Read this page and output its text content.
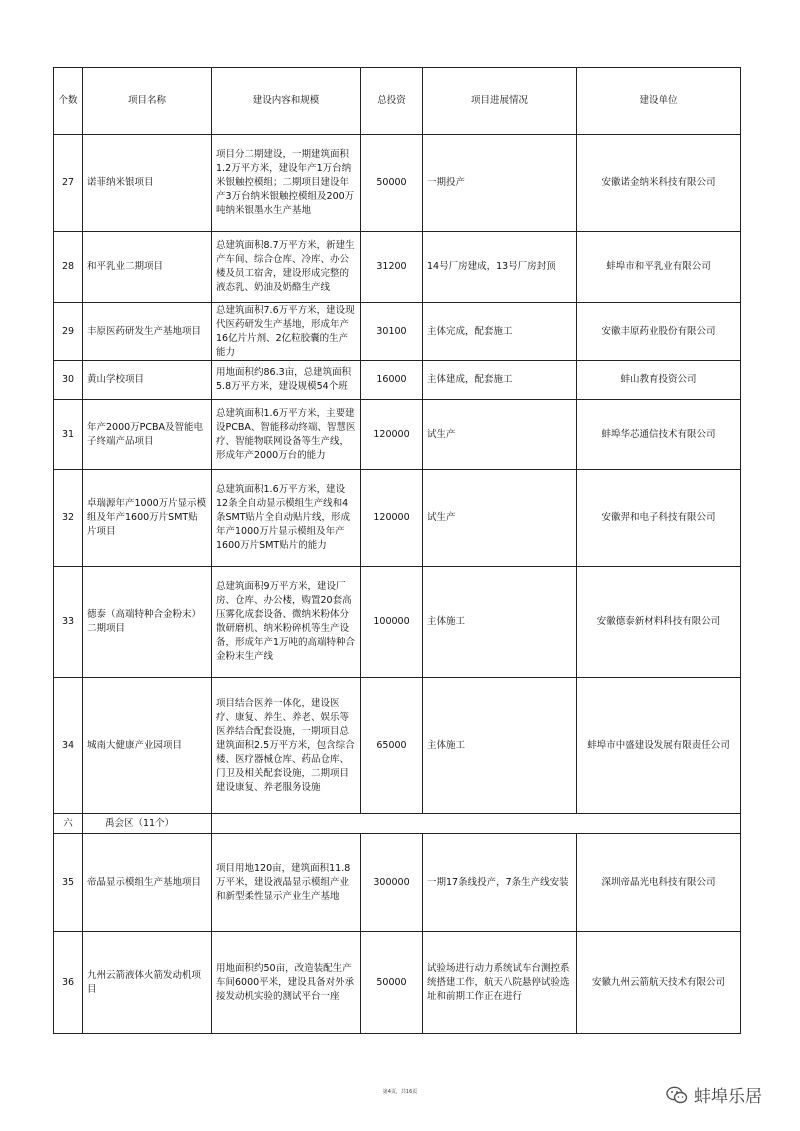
个数	项目名称	建设内容和规模	总投资	项目进展情况	建设单位
27	诺菲纳米银项目	项目分二期建设，一期建筑面积1.2万平方米，建设年产1万台纳米银触控模组；二期项目建设年产3万台纳米银触控模组及200万吨纳米银墨水生产基地	50000	一期投产	安徽诺金纳米科技有限公司
28	和平乳业二期项目	总建筑面积8.7万平方米，新建生产车间、综合仓库、冷库、办公楼及员工宿舍，建设形成完整的液态乳、奶油及奶酪生产线	31200	14号厂房建成，13号厂房封顶	蚌埠市和平乳业有限公司
29	丰原医药研发生产基地项目	总建筑面积7.6万平方米，建设现代医药研发生产基地，形成年产16亿片片剂、2亿粒胶囊的生产能力	30100	主体完成，配套施工	安徽丰原药业股份有限公司
30	黄山学校项目	用地面积约86.3亩，总建筑面积5.8万平方米，建设规模54个班	16000	主体建成，配套施工	蚌山教育投资公司
31	年产2000万PCBA及智能电子终端产品项目	总建筑面积1.6万平方米，主要建设PCBA、智能移动终端、智慧医疗、智能物联网设备等生产线，形成年产2000万台的能力	120000	试生产	蚌埠华芯通信技术有限公司
32	卓瑞源年产1000万片显示模组及年产1600万片SMT贴片项目	总建筑面积1.6万平方米，建设12条全自动显示模组生产线和4条SMT贴片全自动贴片线，形成年产1000万片显示模组及年产1600万片SMT贴片的能力	120000	试生产	安徽羿和电子科技有限公司
33	德泰（高端特种合金粉末）二期项目	总建筑面积9万平方米，建设厂房、仓库、办公楼，购置20套高压雾化成套设备、微纳米粉体分散研磨机、纳米粉碎机等生产设备，形成年产1万吨的高端特种合金粉末生产线	100000	主体施工	安徽德泰新材料科技有限公司
34	城南大健康产业园项目	项目结合医养一体化，建设医疗、康复、养生、养老、娱乐等医养结合配套设施，一期项目总建筑面积2.5万平方米，包含综合楼、医疗器械仓库、药品仓库、门卫及相关配套设施，二期项目建设康复、养老服务设施	65000	主体施工	蚌埠市中盛建设发展有限责任公司
六	禹会区（11个）				
35	帝晶显示模组生产基地项目	项目用地120亩，建筑面积11.8万平米，建设液晶显示模组产业和新型柔性显示产业生产基地	300000	一期17条线投产，7条生产线安装	深圳帝晶光电科技有限公司
36	九州云箭液体火箭发动机项目	用地面积约50亩，改造装配生产车间6000平米，建设具备对外承接发动机实验的测试平台一座	50000	试验场进行动力系统试车台测控系统搭建工作，航天八院悬停试验选址和前期工作正在进行	安徽九州云箭航天技术有限公司
第4页，共16页	蚌埠乐居
